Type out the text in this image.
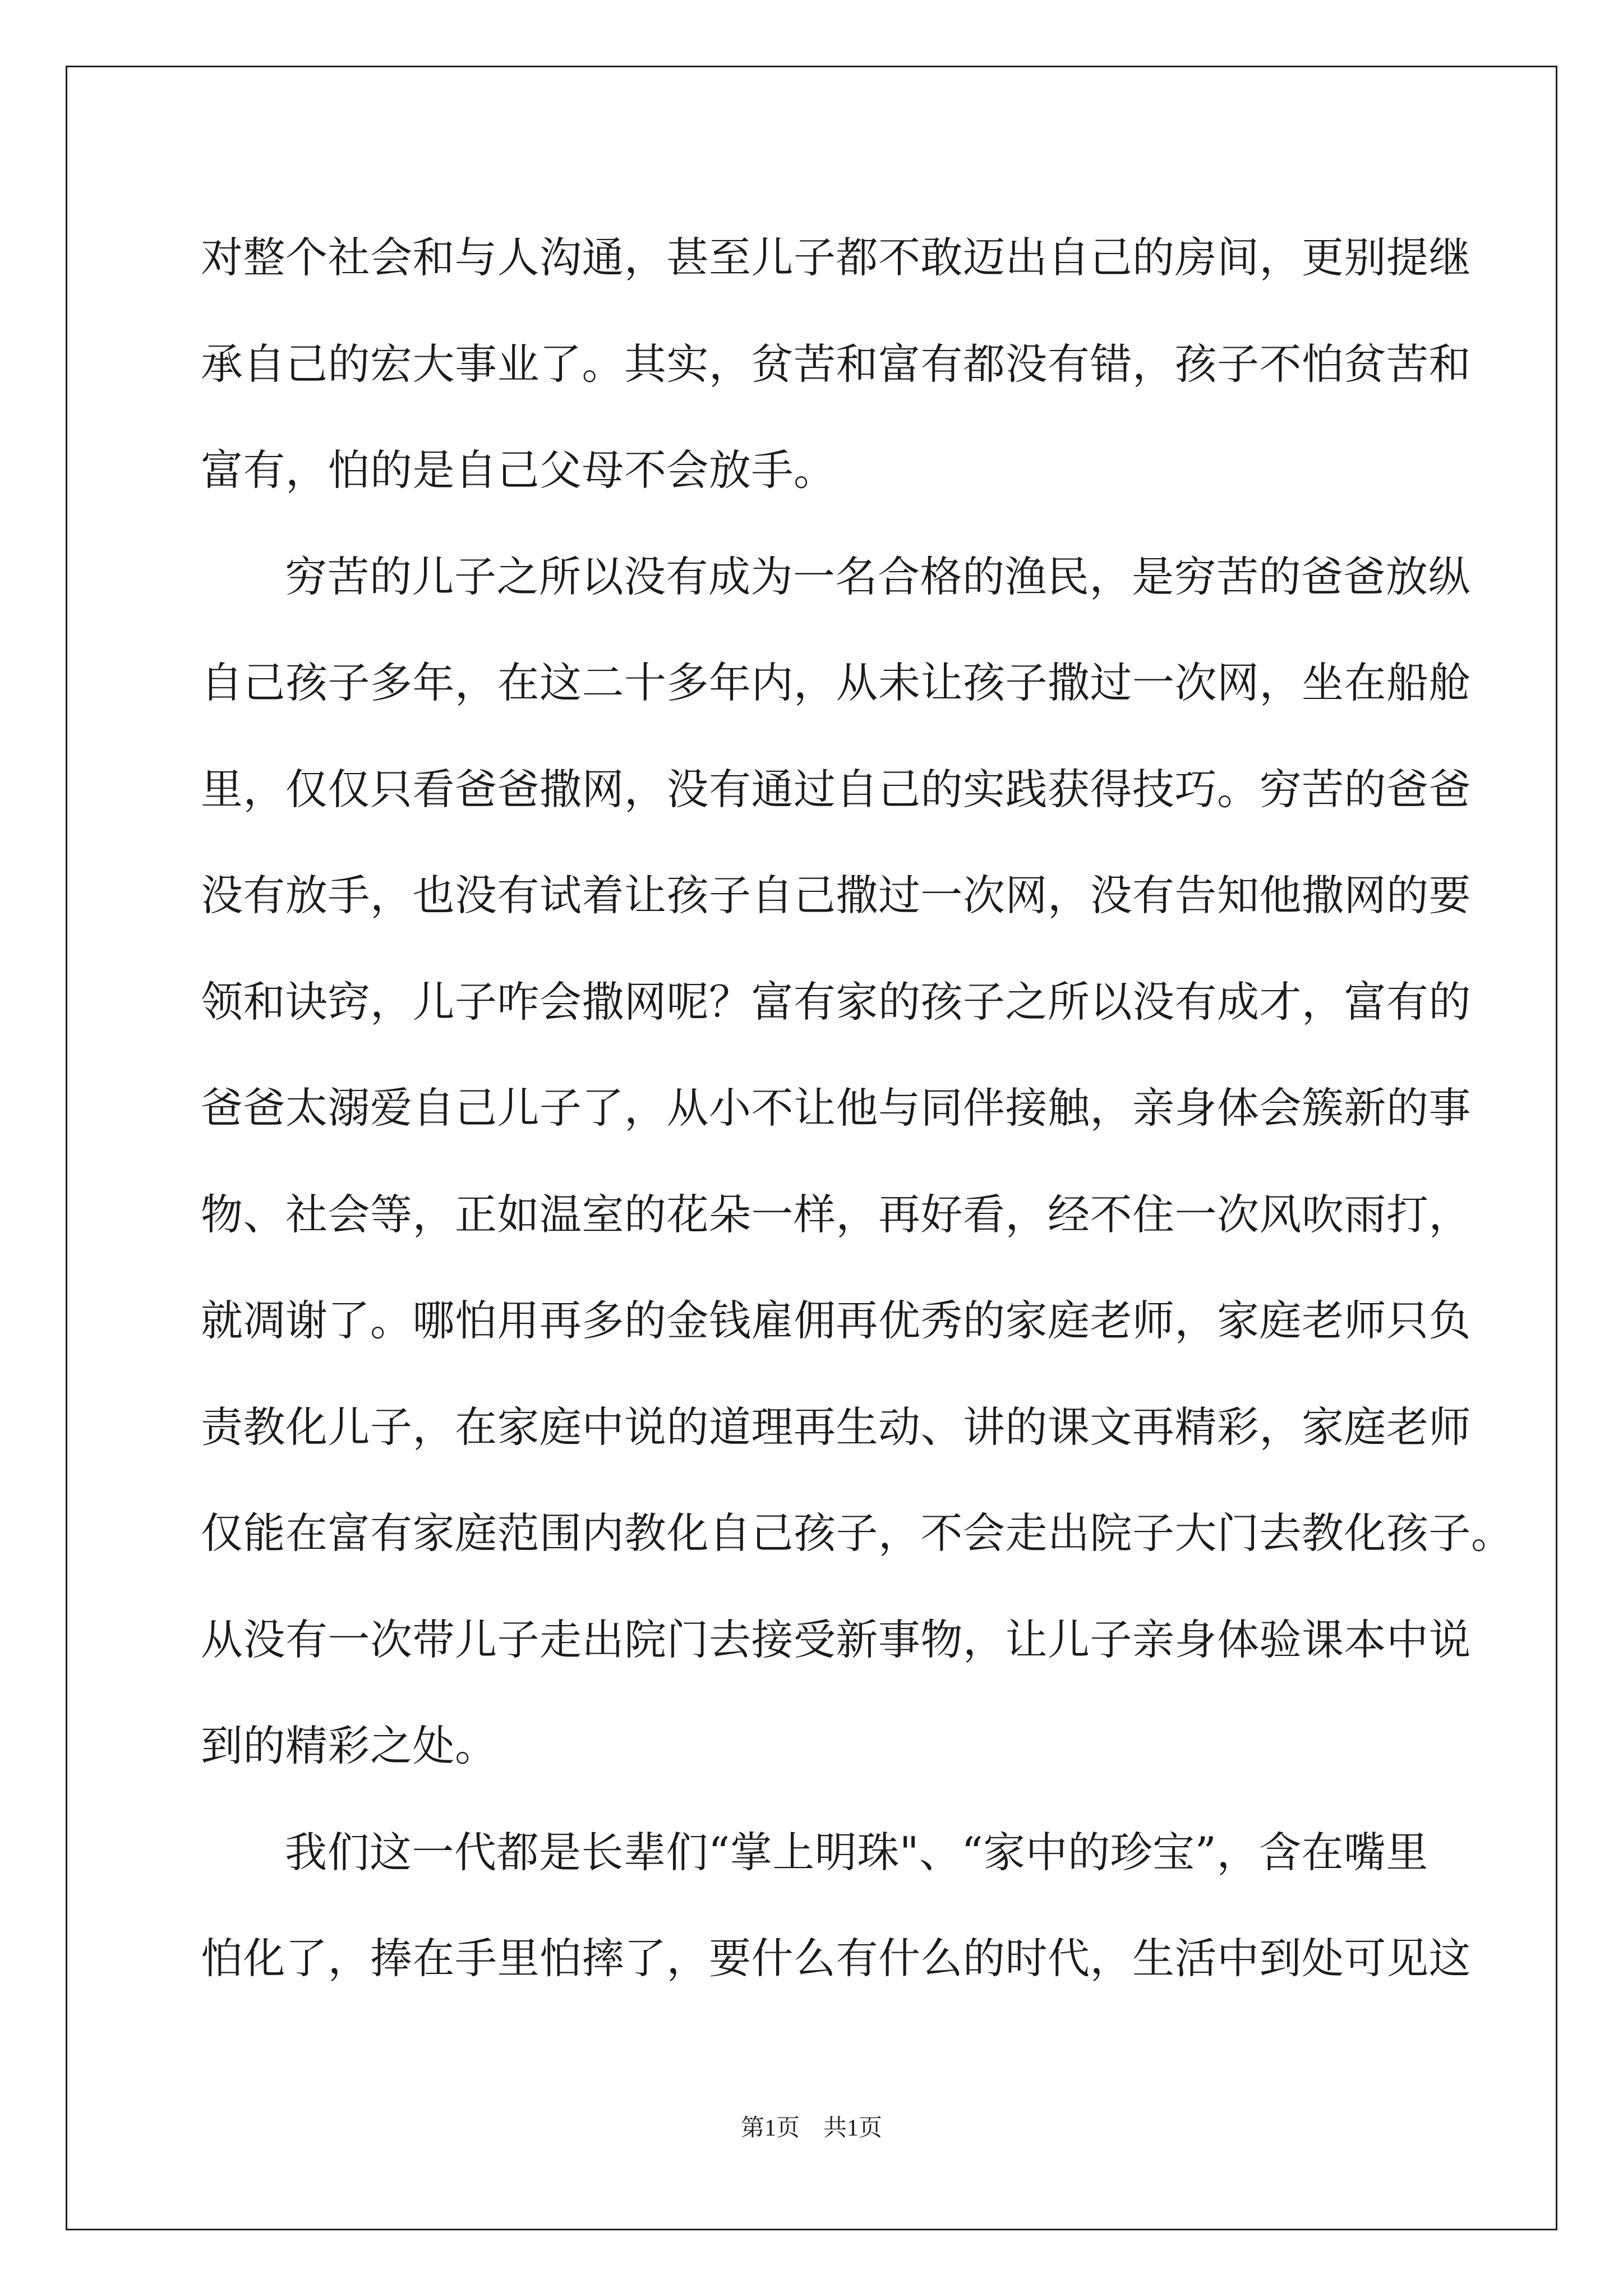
对整个社会和与人沟通，甚至儿子都不敢迈出自己的房间，更别提继
承自己的宏大事业了。其实，贫苦和富有都没有错，孩子不怕贫苦和
富有，怕的是自己父母不会放手。
穷苦的儿子之所以没有成为一名合格的渔民，是穷苦的爸爸放纵
自己孩子多年，在这二十多年内，从未让孩子撒过一次网，坐在船舱
里，仅仅只看爸爸撒网，没有通过自己的实践获得技巧。穷苦的爸爸
没有放手，也没有试着让孩子自己撒过一次网，没有告知他撒网的要
领和诀窍，儿子咋会撒网呢？富有家的孩子之所以没有成才，富有的
爸爸太溺爱自己儿子了，从小不让他与同伴接触，亲身体会簇新的事
物、社会等，正如温室的花朵一样，再好看，经不住一次风吹雨打，
就凋谢了。哪怕用再多的金钱雇佣再优秀的家庭老师，家庭老师只负
责教化儿子，在家庭中说的道理再生动、讲的课文再精彩，家庭老师
仅能在富有家庭范围内教化自己孩子，不会走出院子大门去教化孩子。
从没有一次带儿子走出院门去接受新事物，让儿子亲身体验课本中说
到的精彩之处。
我们这一代都是长辈们“掌上明珠"、“家中的珍宝”，含在嘴里
怕化了，捧在手里怕摔了，要什么有什么的时代，生活中到处可见这
第1页　共1页
